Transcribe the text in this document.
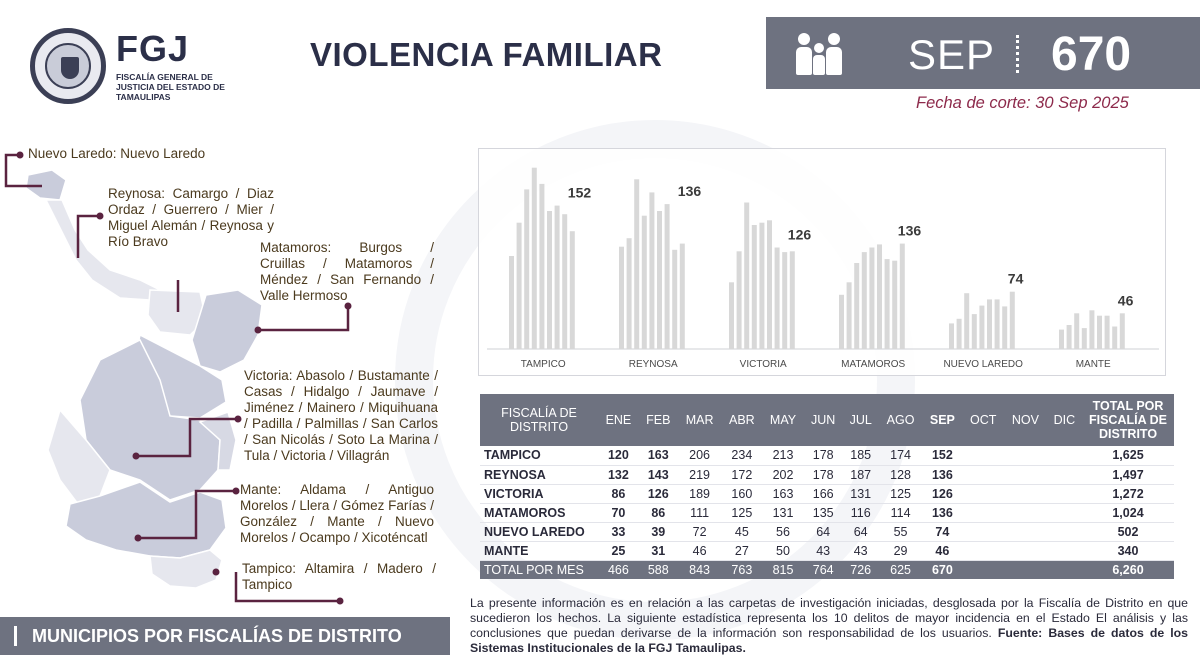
FGJ
FISCALÍA GENERAL DE JUSTICIA DEL ESTADO DE TAMAULIPAS
VIOLENCIA FAMILIAR	SEP 670
Fecha de corte: 30 Sep 2025
Nuevo Laredo: Nuevo Laredo
Reynosa: Camargo / Diaz Ordaz / Guerrero / Mier / Miguel Alemán / Reynosa y Río Bravo	Matamoros: Burgos / Cruillas / Matamoros / Méndez / San Fernando / Valle Hermoso
Victoria: Abasolo / Bustamante / Casas / Hidalgo / Jaumave / Jiménez / Mainero / Miquihuana / Padilla / Palmillas / San Carlos / San Nicolás / Soto La Marina / Tula / Victoria / Villagrán
Mante: Aldama / Antiguo Morelos / Llera / Gómez Farías / González / Mante / Nuevo Morelos / Ocampo / Xicoténcatl
Tampico: Altamira / Madero / Tampico
MUNICIPIOS POR FISCALÍAS DE DISTRITO
152
TAMPICO
136
REYNOSA
126
VICTORIA
136
MATAMOROS
74
NUEVO LAREDO
46
MANTE
FISCALÍA DE DISTRITO	ENE	FEB	MAR	ABR	MAY	JUN	JUL	AGO	SEP	OCT	NOV	DIC	TOTAL POR FISCALÍA DE DISTRITO
TAMPICO	120	163	206	234	213	178	185	174	152				1,625
REYNOSA	132	143	219	172	202	178	187	128	136				1,497
VICTORIA	86	126	189	160	163	166	131	125	126				1,272
MATAMOROS	70	86	111	125	131	135	116	114	136				1,024
NUEVO LAREDO	33	39	72	45	56	64	64	55	74				502
MANTE	25	31	46	27	50	43	43	29	46				340
TOTAL POR MES	466	588	843	763	815	764	726	625	670				6,260
La presente información es en relación a las carpetas de investigación iniciadas, desglosada por la Fiscalía de Distrito en que sucedieron los hechos. La siguiente estadística representa los 10 delitos de mayor incidencia en el Estado El análisis y las conclusiones que puedan derivarse de la información son responsabilidad de los usuarios. Fuente: Bases de datos de los Sistemas Institucionales de la FGJ Tamaulipas.
